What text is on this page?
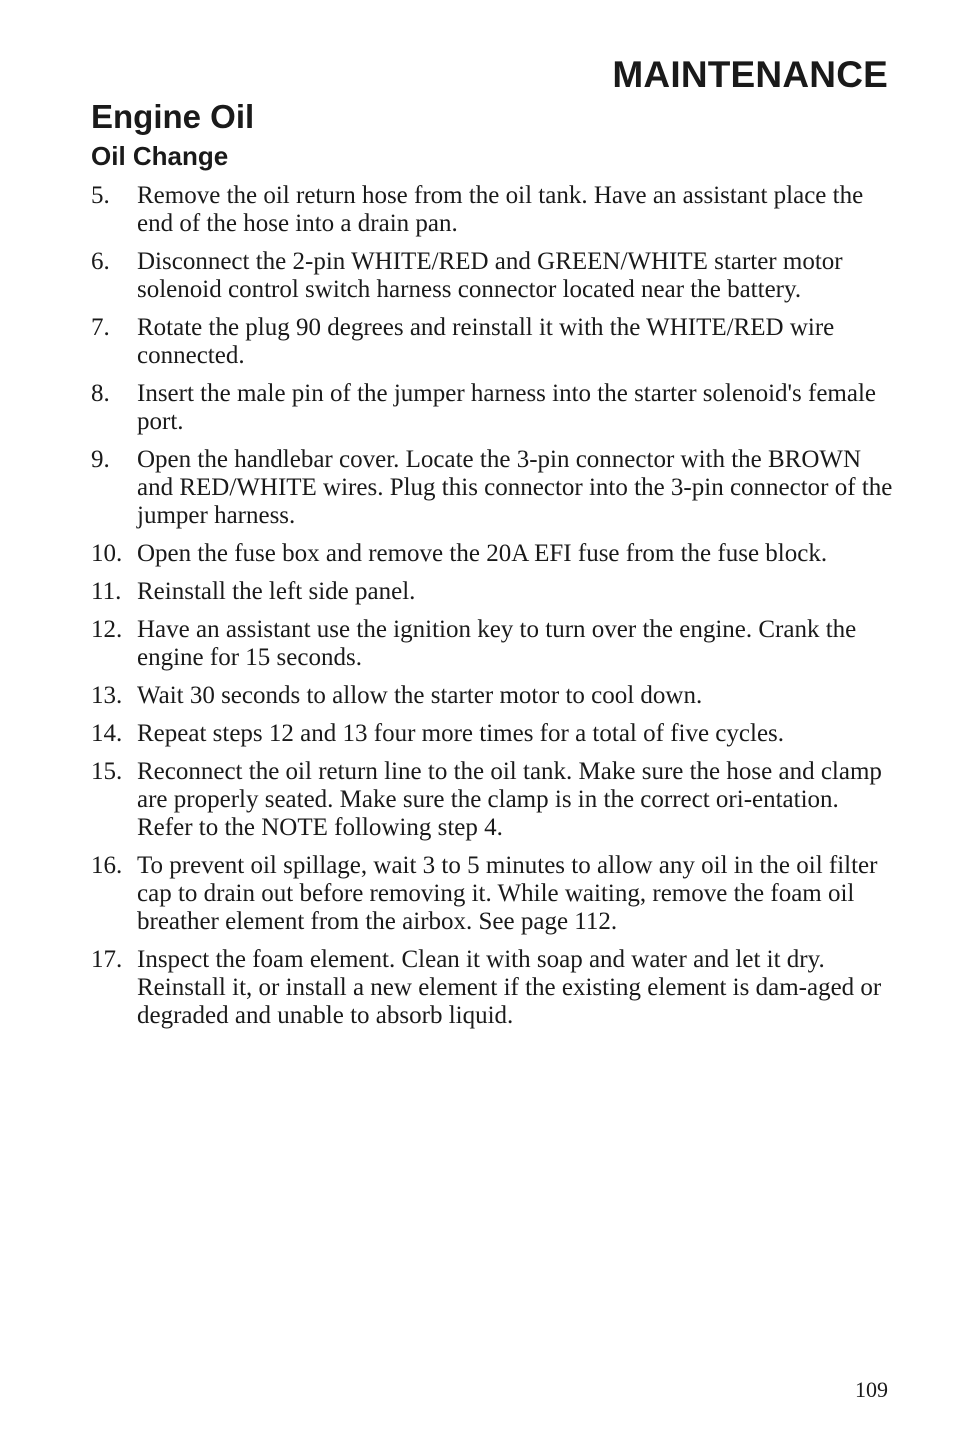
MAINTENANCE
Engine Oil
Oil Change
5. Remove the oil return hose from the oil tank. Have an assistant place the end of the hose into a drain pan.
6. Disconnect the 2-pin WHITE/RED and GREEN/WHITE starter motor solenoid control switch harness connector located near the battery.
7. Rotate the plug 90 degrees and reinstall it with the WHITE/RED wire connected.
8. Insert the male pin of the jumper harness into the starter solenoid's female port.
9. Open the handlebar cover. Locate the 3-pin connector with the BROWN and RED/WHITE wires. Plug this connector into the 3-pin connector of the jumper harness.
10. Open the fuse box and remove the 20A EFI fuse from the fuse block.
11. Reinstall the left side panel.
12. Have an assistant use the ignition key to turn over the engine. Crank the engine for 15 seconds.
13. Wait 30 seconds to allow the starter motor to cool down.
14. Repeat steps 12 and 13 four more times for a total of five cycles.
15. Reconnect the oil return line to the oil tank. Make sure the hose and clamp are properly seated. Make sure the clamp is in the correct ori-entation. Refer to the NOTE following step 4.
16. To prevent oil spillage, wait 3 to 5 minutes to allow any oil in the oil filter cap to drain out before removing it. While waiting, remove the foam oil breather element from the airbox. See page 112.
17. Inspect the foam element. Clean it with soap and water and let it dry. Reinstall it, or install a new element if the existing element is dam-aged or degraded and unable to absorb liquid.
109
